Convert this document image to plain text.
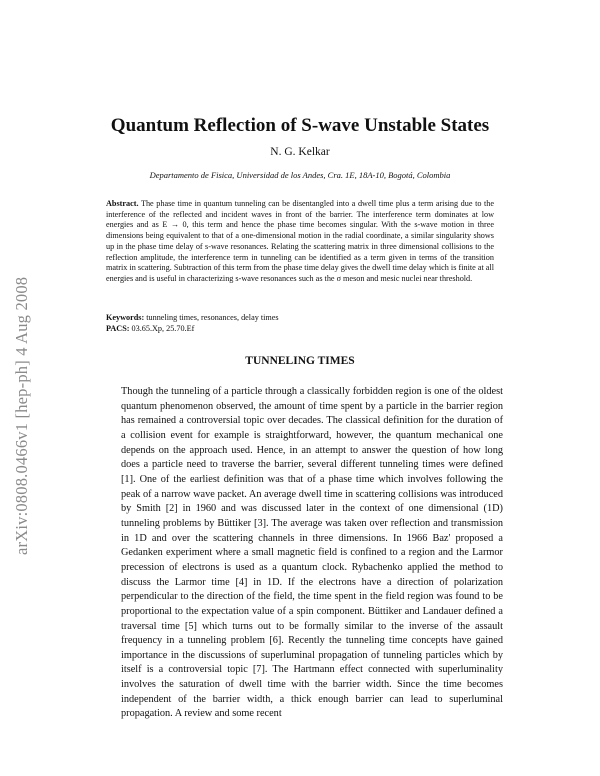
arXiv:0808.0466v1 [hep-ph] 4 Aug 2008
Quantum Reflection of S-wave Unstable States
N. G. Kelkar
Departamento de Fisica, Universidad de los Andes, Cra. 1E, 18A-10, Bogotá, Colombia

Abstract. The phase time in quantum tunneling can be disentangled into a dwell time plus a term arising due to the interference of the reflected and incident waves in front of the barrier. The interference term dominates at low energies and as E → 0, this term and hence the phase time becomes singular. With the s-wave motion in three dimensions being equivalent to that of a one-dimensional motion in the radial coordinate, a similar singularity shows up in the phase time delay of s-wave resonances. Relating the scattering matrix in three dimensional collisions to the reflection amplitude, the interference term in tunneling can be identified as a term given in terms of the transition matrix in scattering. Subtraction of this term from the phase time delay gives the dwell time delay which is finite at all energies and is useful in characterizing s-wave resonances such as the σ meson and mesic nuclei near threshold.

Keywords: tunneling times, resonances, delay times
PACS: 03.65.Xp, 25.70.Ef
TUNNELING TIMES

Though the tunneling of a particle through a classically forbidden region is one of the oldest quantum phenomenon observed, the amount of time spent by a particle in the barrier region has remained a controversial topic over decades. The classical definition for the duration of a collision event for example is straightforward, however, the quantum mechanical one depends on the approach used. Hence, in an attempt to answer the question of how long does a particle need to traverse the barrier, several different tunneling times were defined [1]. One of the earliest definition was that of a phase time which involves following the peak of a narrow wave packet. An average dwell time in scattering collisions was introduced by Smith [2] in 1960 and was discussed later in the context of one dimensional (1D) tunneling problems by Büttiker [3]. The average was taken over reflection and transmission in 1D and over the scattering channels in three dimensions. In 1966 Baz' proposed a Gedanken experiment where a small magnetic field is confined to a region and the Larmor precession of electrons is used as a quantum clock. Rybachenko applied the method to discuss the Larmor time [4] in 1D. If the electrons have a direction of polarization perpendicular to the direction of the field, the time spent in the field region was found to be proportional to the expectation value of a spin component. Büttiker and Landauer defined a traversal time [5] which turns out to be formally similar to the inverse of the assault frequency in a tunneling problem [6]. Recently the tunneling time concepts have gained importance in the discussions of superluminal propagation of tunneling particles which by itself is a controversial topic [7]. The Hartmann effect connected with superluminality involves the saturation of dwell time with the barrier width. Since the time becomes independent of the barrier width, a thick enough barrier can lead to superluminal propagation. A review and some recent
